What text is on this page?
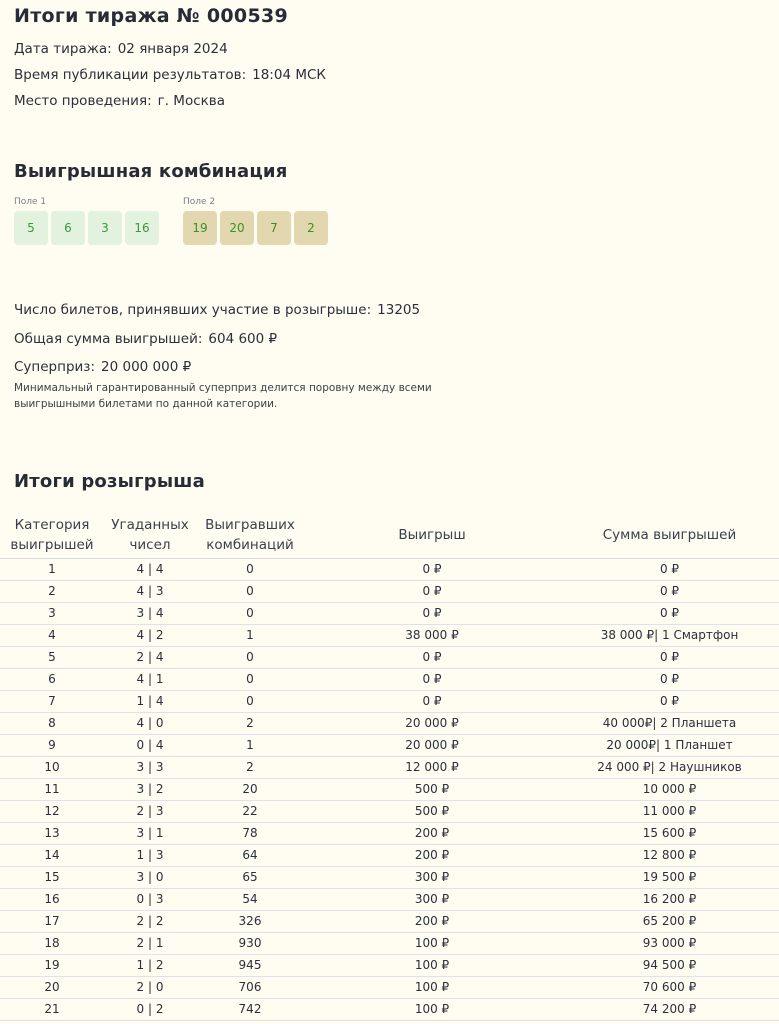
Итоги тиража № 000539
Дата тиража: 02 января 2024
Время публикации результатов: 18:04 МСК
Место проведения: г. Москва
Выигрышная комбинация
Поле 1
5	6	3	16
Поле 2
19	20	7	2
Число билетов, принявших участие в розыгрыше: 13205
Общая сумма выигрышей: 604 600 ₽
Суперприз: 20 000 000 ₽
Минимальный гарантированный суперприз делится поровну между всеми выигрышными билетами по данной категории.
Итоги розыгрыша
Категория выигрышей	Угаданных чисел	Выигравших комбинаций	Выигрыш	Сумма выигрышей
1	4 | 4	0	0 ₽	0 ₽
2	4 | 3	0	0 ₽	0 ₽
3	3 | 4	0	0 ₽	0 ₽
4	4 | 2	1	38 000 ₽	38 000 ₽| 1 Смартфон
5	2 | 4	0	0 ₽	0 ₽
6	4 | 1	0	0 ₽	0 ₽
7	1 | 4	0	0 ₽	0 ₽
8	4 | 0	2	20 000 ₽	40 000₽| 2 Планшета
9	0 | 4	1	20 000 ₽	20 000₽| 1 Планшет
10	3 | 3	2	12 000 ₽	24 000 ₽| 2 Наушников
11	3 | 2	20	500 ₽	10 000 ₽
12	2 | 3	22	500 ₽	11 000 ₽
13	3 | 1	78	200 ₽	15 600 ₽
14	1 | 3	64	200 ₽	12 800 ₽
15	3 | 0	65	300 ₽	19 500 ₽
16	0 | 3	54	300 ₽	16 200 ₽
17	2 | 2	326	200 ₽	65 200 ₽
18	2 | 1	930	100 ₽	93 000 ₽
19	1 | 2	945	100 ₽	94 500 ₽
20	2 | 0	706	100 ₽	70 600 ₽
21	0 | 2	742	100 ₽	74 200 ₽
